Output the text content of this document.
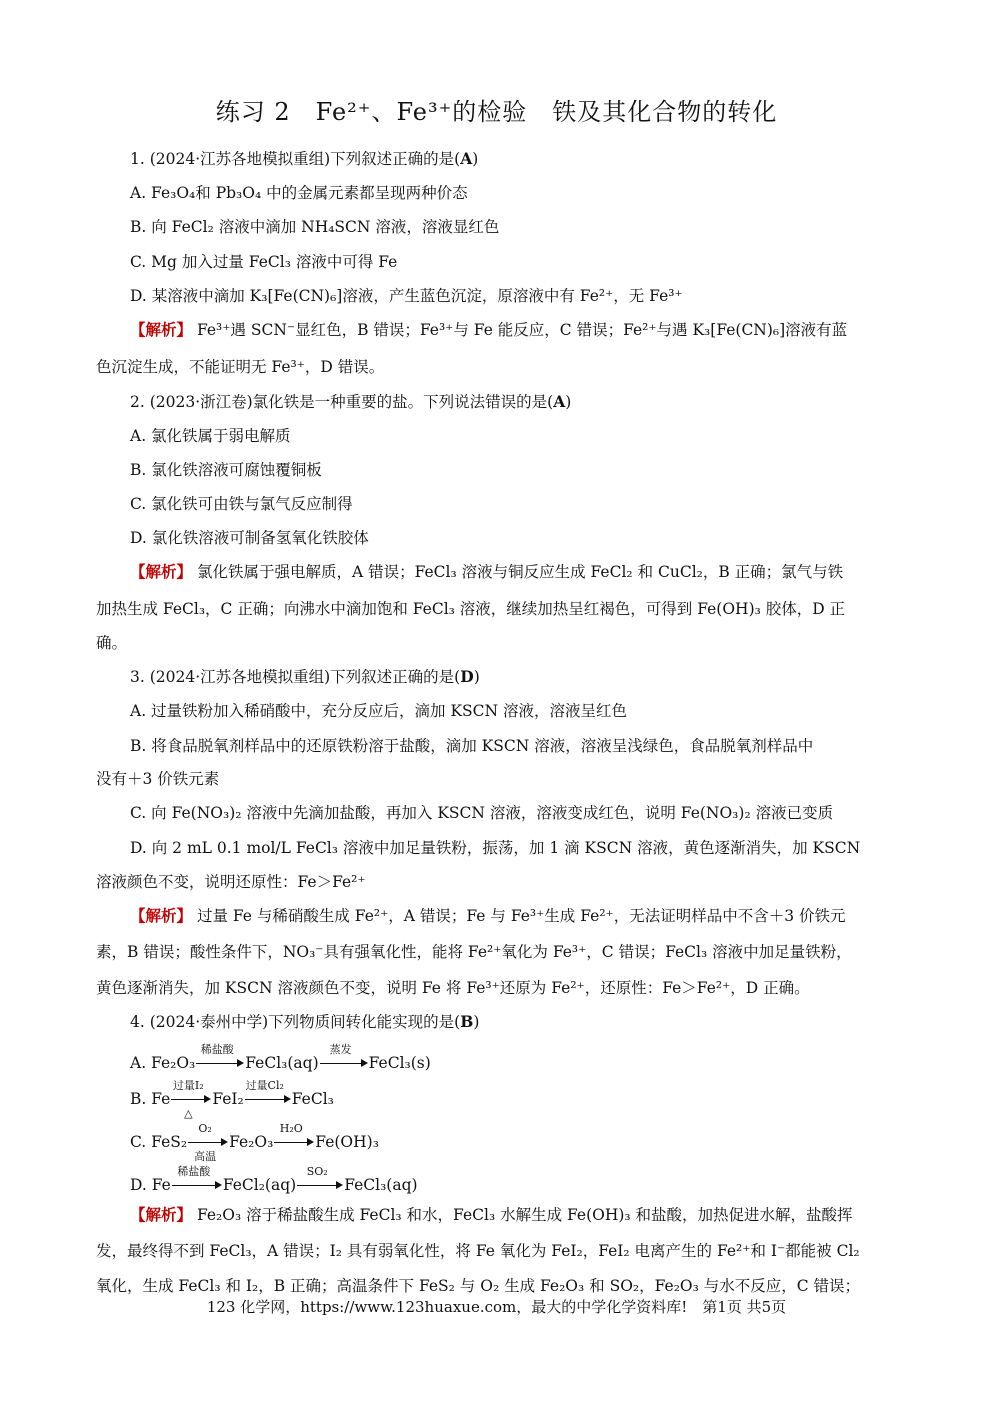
练习 2　Fe²⁺、Fe³⁺的检验　铁及其化合物的转化
1. (2024·江苏各地模拟重组)下列叙述正确的是(A)
A. Fe₃O₄和 Pb₃O₄ 中的金属元素都呈现两种价态
B. 向 FeCl₂ 溶液中滴加 NH₄SCN 溶液，溶液显红色
C. Mg 加入过量 FeCl₃ 溶液中可得 Fe
D. 某溶液中滴加 K₃[Fe(CN)₆]溶液，产生蓝色沉淀，原溶液中有 Fe²⁺，无 Fe³⁺
【解析】 Fe³⁺遇 SCN⁻显红色，B 错误；Fe³⁺与 Fe 能反应，C 错误；Fe²⁺与遇 K₃[Fe(CN)₆]溶液有蓝
色沉淀生成，不能证明无 Fe³⁺，D 错误。
2. (2023·浙江卷)氯化铁是一种重要的盐。下列说法错误的是(A)
A. 氯化铁属于弱电解质
B. 氯化铁溶液可腐蚀覆铜板
C. 氯化铁可由铁与氯气反应制得
D. 氯化铁溶液可制备氢氧化铁胶体
【解析】 氯化铁属于强电解质，A 错误；FeCl₃ 溶液与铜反应生成 FeCl₂ 和 CuCl₂，B 正确；氯气与铁
加热生成 FeCl₃，C 正确；向沸水中滴加饱和 FeCl₃ 溶液，继续加热呈红褐色，可得到 Fe(OH)₃ 胶体，D 正
确。
3. (2024·江苏各地模拟重组)下列叙述正确的是(D)
A. 过量铁粉加入稀硝酸中，充分反应后，滴加 KSCN 溶液，溶液呈红色
B. 将食品脱氧剂样品中的还原铁粉溶于盐酸，滴加 KSCN 溶液，溶液呈浅绿色，食品脱氧剂样品中
没有＋3 价铁元素
C. 向 Fe(NO₃)₂ 溶液中先滴加盐酸，再加入 KSCN 溶液，溶液变成红色，说明 Fe(NO₃)₂ 溶液已变质
D. 向 2 mL 0.1 mol/L FeCl₃ 溶液中加足量铁粉，振荡，加 1 滴 KSCN 溶液，黄色逐渐消失，加 KSCN
溶液颜色不变，说明还原性：Fe＞Fe²⁺
【解析】 过量 Fe 与稀硝酸生成 Fe²⁺，A 错误；Fe 与 Fe³⁺生成 Fe²⁺，无法证明样品中不含＋3 价铁元
素，B 错误；酸性条件下，NO₃⁻具有强氧化性，能将 Fe²⁺氧化为 Fe³⁺，C 错误；FeCl₃ 溶液中加足量铁粉，
黄色逐渐消失，加 KSCN 溶液颜色不变，说明 Fe 将 Fe³⁺还原为 Fe²⁺，还原性：Fe＞Fe²⁺，D 正确。
4. (2024·泰州中学)下列物质间转化能实现的是(B)
A. Fe₂O₃
稀盐酸
FeCl₃(aq)
蒸发
FeCl₃(s)
B. Fe
过量I₂
△
FeI₂
过量Cl₂
FeCl₃
C. FeS₂
O₂
高温
Fe₂O₃
H₂O
Fe(OH)₃
D. Fe
稀盐酸
FeCl₂(aq)
SO₂
FeCl₃(aq)
【解析】 Fe₂O₃ 溶于稀盐酸生成 FeCl₃ 和水，FeCl₃ 水解生成 Fe(OH)₃ 和盐酸，加热促进水解，盐酸挥
发，最终得不到 FeCl₃，A 错误；I₂ 具有弱氧化性，将 Fe 氧化为 FeI₂，FeI₂ 电离产生的 Fe²⁺和 I⁻都能被 Cl₂
氧化，生成 FeCl₃ 和 I₂，B 正确；高温条件下 FeS₂ 与 O₂ 生成 Fe₂O₃ 和 SO₂，Fe₂O₃ 与水不反应，C 错误；
123 化学网，https://www.123huaxue.com，最大的中学化学资料库!　第1页 共5页
